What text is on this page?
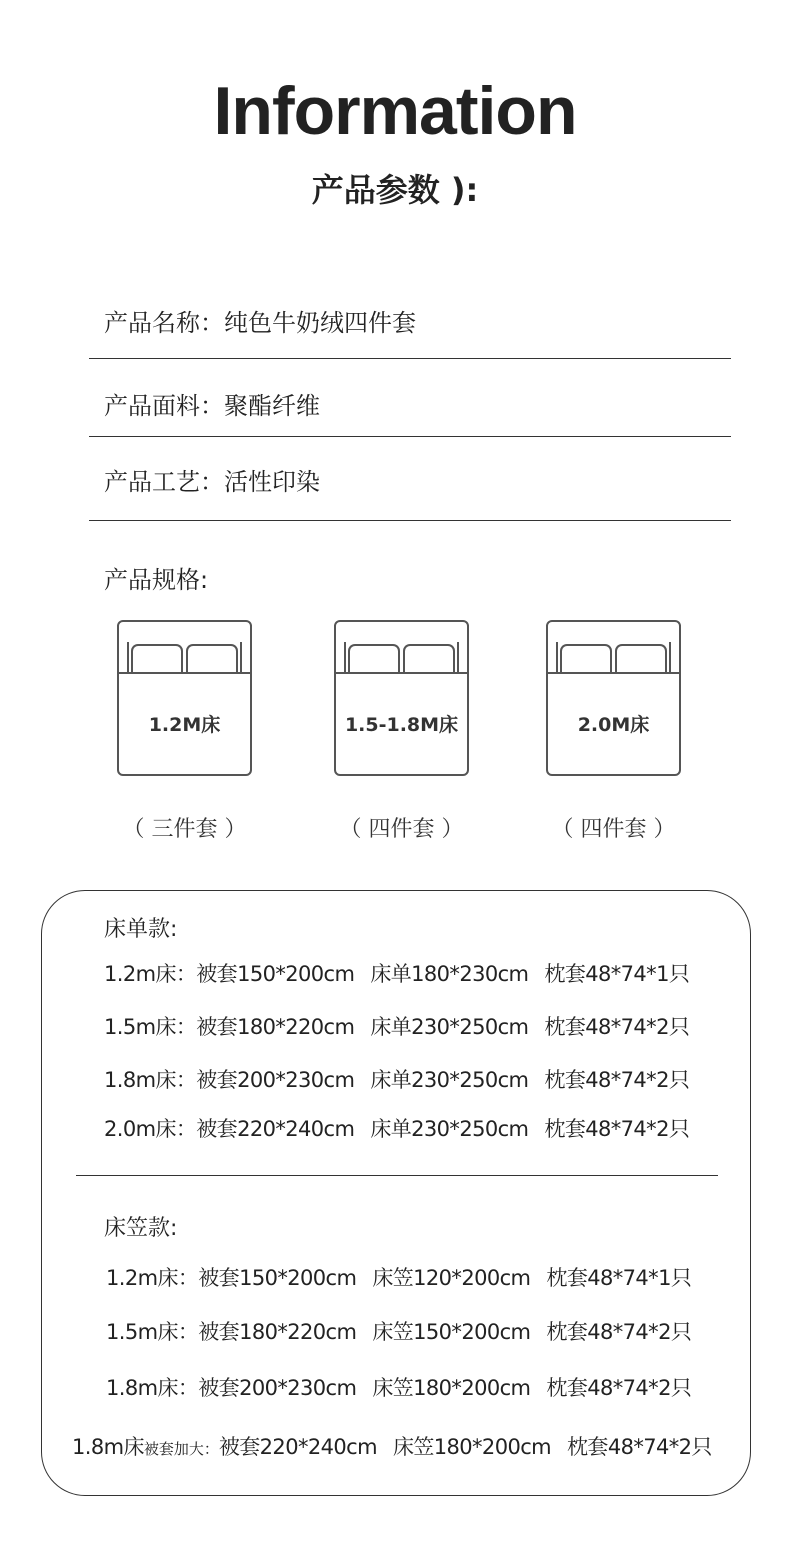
Information
产品参数 ):
产品名称：纯色牛奶绒四件套
产品面料：聚酯纤维
产品工艺：活性印染
产品规格:
1.2M床
（ 三件套 ）
1.5-1.8M床
（ 四件套 ）
2.0M床
（ 四件套 ）
床单款:
1.2m床：被套150*200cm 床单180*230cm 枕套48*74*1只
1.5m床：被套180*220cm 床单230*250cm 枕套48*74*2只
1.8m床：被套200*230cm 床单230*250cm 枕套48*74*2只
2.0m床：被套220*240cm 床单230*250cm 枕套48*74*2只
床笠款:
1.2m床：被套150*200cm 床笠120*200cm 枕套48*74*1只
1.5m床：被套180*220cm 床笠150*200cm 枕套48*74*2只
1.8m床：被套200*230cm 床笠180*200cm 枕套48*74*2只
1.8m床被套加大：被套220*240cm 床笠180*200cm 枕套48*74*2只
